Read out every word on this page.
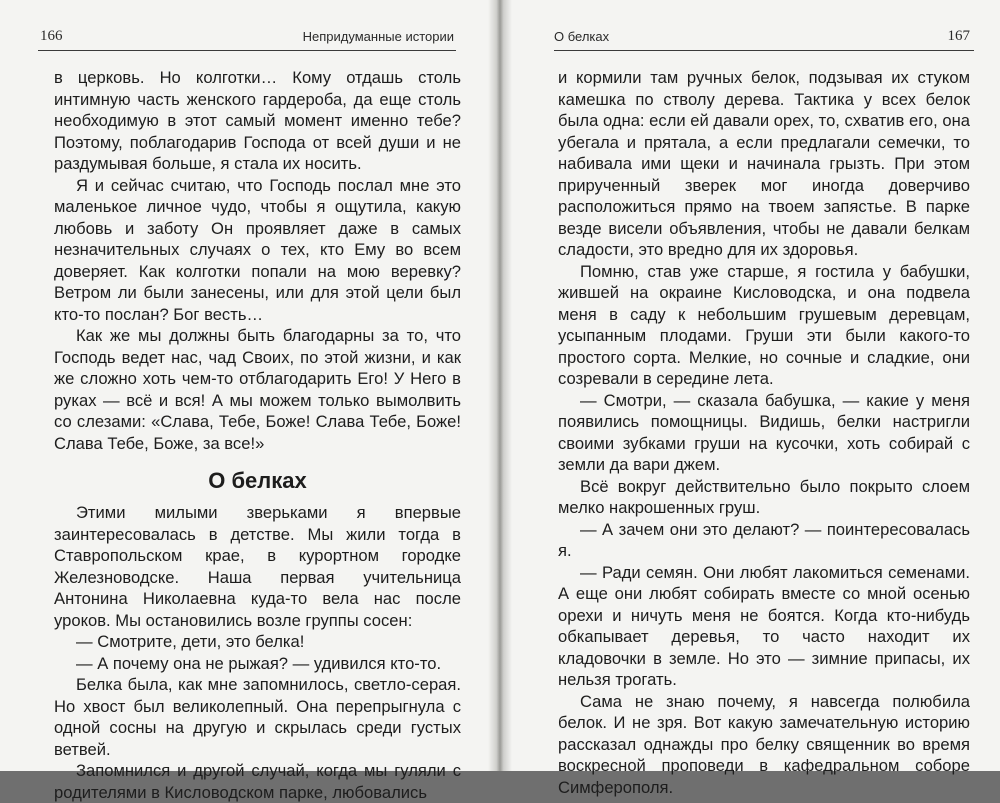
166	Непридуманные истории

в церковь. Но колготки… Кому отдашь столь интимную часть женского гардероба, да еще столь необходимую в этот самый момент именно тебе? Поэтому, поблагодарив Господа от всей души и не раздумывая больше, я стала их носить.

Я и сейчас считаю, что Господь послал мне это маленькое личное чудо, чтобы я ощутила, какую любовь и заботу Он проявляет даже в самых незначительных случаях о тех, кто Ему во всем доверяет. Как колготки попали на мою веревку? Ветром ли были занесены, или для этой цели был кто-то послан? Бог весть…

Как же мы должны быть благодарны за то, что Господь ведет нас, чад Своих, по этой жизни, и как же сложно хоть чем-то отблагодарить Его! У Него в руках — всё и вся! А мы можем только вымолвить со слезами: «Слава, Тебе, Боже! Слава Тебе, Боже! Слава Тебе, Боже, за все!»

О белках

Этими милыми зверьками я впервые заинтересовалась в детстве. Мы жили тогда в Ставропольском крае, в курортном городке Железноводске. Наша первая учительница Антонина Николаевна куда-то вела нас после уроков. Мы остановились возле группы сосен:

— Смотрите, дети, это белка!

— А почему она не рыжая? — удивился кто-то.

Белка была, как мне запомнилось, светло-серая. Но хвост был великолепный. Она перепрыгнула с одной сосны на другую и скрылась среди густых ветвей.

Запомнился и другой случай, когда мы гуляли с родителями в Кисловодском парке, любовались

О белках	167

и кормили там ручных белок, подзывая их стуком камешка по стволу дерева. Тактика у всех белок была одна: если ей давали орех, то, схватив его, она убегала и прятала, а если предлагали семечки, то набивала ими щеки и начинала грызть. При этом прирученный зверек мог иногда доверчиво расположиться прямо на твоем запястье. В парке везде висели объявления, чтобы не давали белкам сладости, это вредно для их здоровья.

Помню, став уже старше, я гостила у бабушки, жившей на окраине Кисловодска, и она подвела меня в саду к небольшим грушевым деревцам, усыпанным плодами. Груши эти были какого-то простого сорта. Мелкие, но сочные и сладкие, они созревали в середине лета.

— Смотри, — сказала бабушка, — какие у меня появились помощницы. Видишь, белки настригли своими зубками груши на кусочки, хоть собирай с земли да вари джем.

Всё вокруг действительно было покрыто слоем мелко накрошенных груш.

— А зачем они это делают? — поинтересовалась я.

— Ради семян. Они любят лакомиться семенами. А еще они любят собирать вместе со мной осенью орехи и ничуть меня не боятся. Когда кто-нибудь обкапывает деревья, то часто находит их кладовочки в земле. Но это — зимние припасы, их нельзя трогать.

Сама не знаю почему, я навсегда полюбила белок. И не зря. Вот какую замечательную историю рассказал однажды про белку священник во время воскресной проповеди в кафедральном соборе Симферополя.
